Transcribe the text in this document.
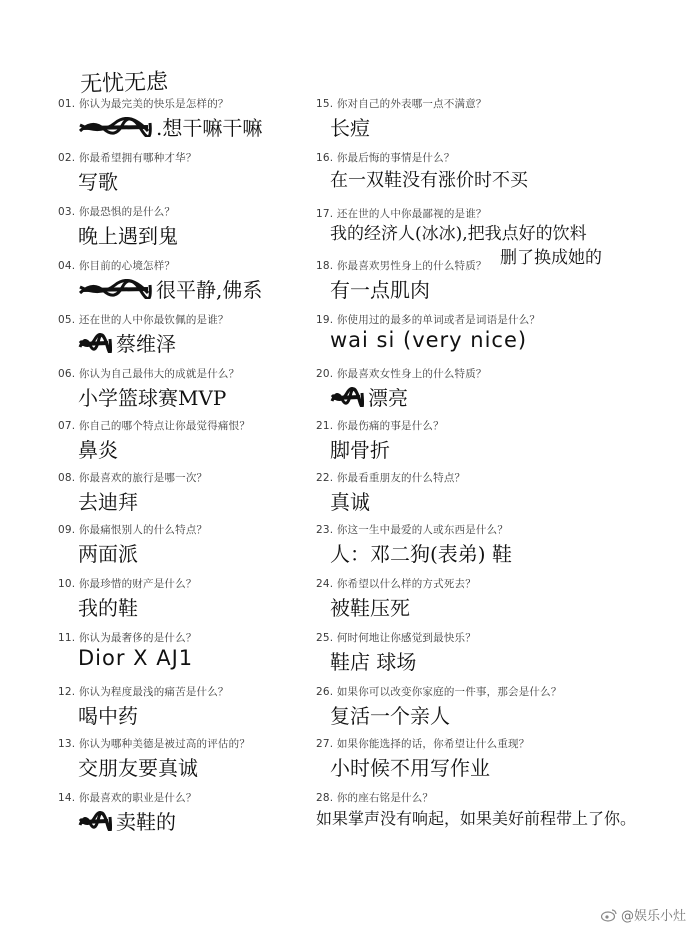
无忧无虑
01. 你认为最完美的快乐是怎样的？
.想干嘛干嘛
02. 你最希望拥有哪种才华？
写歌
03. 你最恐惧的是什么？
晚上遇到鬼
04. 你目前的心境怎样？
很平静,佛系
05. 还在世的人中你最钦佩的是谁？
蔡维泽
06. 你认为自己最伟大的成就是什么？
小学篮球赛MVP
07. 你自己的哪个特点让你最觉得痛恨？
鼻炎
08. 你最喜欢的旅行是哪一次？
去迪拜
09. 你最痛恨别人的什么特点？
两面派
10. 你最珍惜的财产是什么？
我的鞋
11. 你认为最奢侈的是什么？
Dior X AJ1
12. 你认为程度最浅的痛苦是什么？
喝中药
13. 你认为哪种美德是被过高的评估的？
交朋友要真诚
14. 你最喜欢的职业是什么？
卖鞋的
15. 你对自己的外表哪一点不满意？
长痘
16. 你最后悔的事情是什么？
在一双鞋没有涨价时不买
17. 还在世的人中你最鄙视的是谁？
我的经济人(冰冰),把我点好的饮料
删了换成她的
18. 你最喜欢男性身上的什么特质？
有一点肌肉
19. 你使用过的最多的单词或者是词语是什么？
wai si (very nice)
20. 你最喜欢女性身上的什么特质？
漂亮
21. 你最伤痛的事是什么？
脚骨折
22. 你最看重朋友的什么特点？
真诚
23. 你这一生中最爱的人或东西是什么？
人：邓二狗(表弟) 鞋
24. 你希望以什么样的方式死去？
被鞋压死
25. 何时何地让你感觉到最快乐？
鞋店 球场
26. 如果你可以改变你家庭的一件事，那会是什么？
复活一个亲人
27. 如果你能选择的话，你希望让什么重现？
小时候不用写作业
28. 你的座右铭是什么？
如果掌声没有响起，如果美好前程带上了你。
@娱乐小灶
